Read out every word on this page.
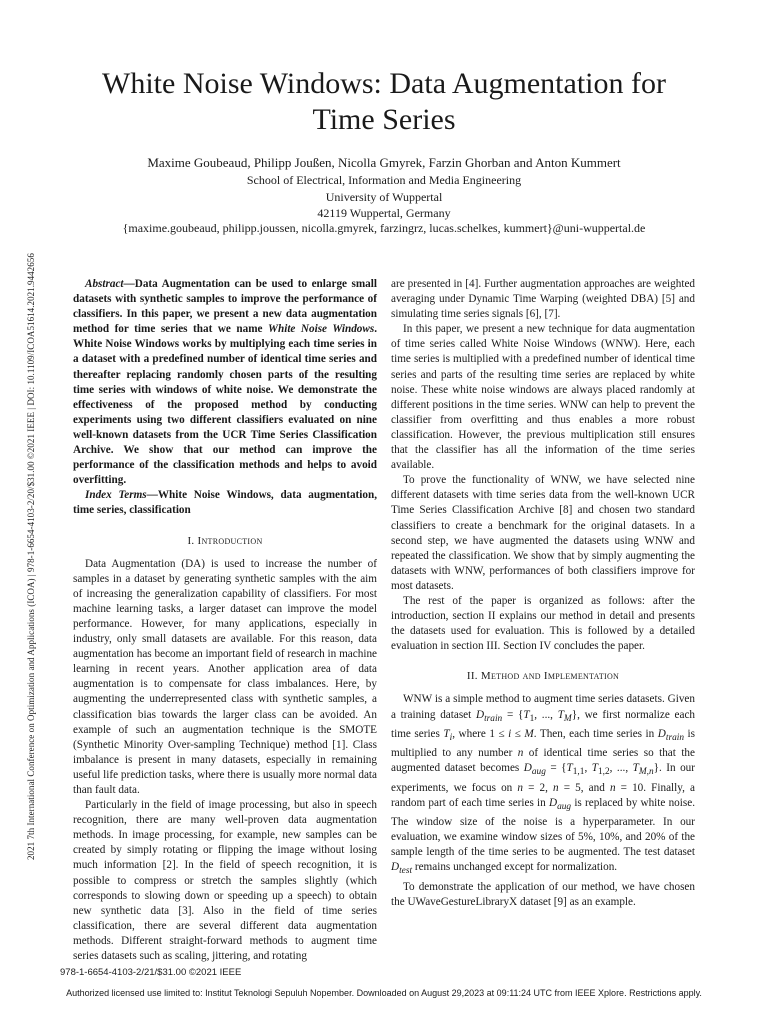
White Noise Windows: Data Augmentation for
Time Series
Maxime Goubeaud, Philipp Joußen, Nicolla Gmyrek, Farzin Ghorban and Anton Kummert
School of Electrical, Information and Media Engineering
University of Wuppertal
42119 Wuppertal, Germany
{maxime.goubeaud, philipp.joussen, nicolla.gmyrek, farzingrz, lucas.schelkes, kummert}@uni-wuppertal.de
2021 7th International Conference on Optimization and Applications (ICOA) | 978-1-6654-4103-2/20/$31.00 ©2021 IEEE | DOI: 10.1109/ICOA51614.2021.9442656	Abstract—Data Augmentation can be used to enlarge small datasets with synthetic samples to improve the performance of classifiers. In this paper, we present a new data augmentation method for time series that we name White Noise Windows. White Noise Windows works by multiplying each time series in a dataset with a predefined number of identical time series and thereafter replacing randomly chosen parts of the resulting time series with windows of white noise. We demonstrate the effectiveness of the proposed method by conducting experiments using two different classifiers evaluated on nine well-known datasets from the UCR Time Series Classification Archive. We show that our method can improve the performance of the classification methods and helps to avoid overfitting.

Index Terms—White Noise Windows, data augmentation, time series, classification

I. Introduction

Data Augmentation (DA) is used to increase the number of samples in a dataset by generating synthetic samples with the aim of increasing the generalization capability of classifiers. For most machine learning tasks, a larger dataset can improve the model performance. However, for many applications, especially in industry, only small datasets are available. For this reason, data augmentation has become an important field of research in machine learning in recent years. Another application area of data augmentation is to compensate for class imbalances. Here, by augmenting the underrepresented class with synthetic samples, a classification bias towards the larger class can be avoided. An example of such an augmentation technique is the SMOTE (Synthetic Minority Over-sampling Technique) method [1]. Class imbalance is present in many datasets, especially in remaining useful life prediction tasks, where there is usually more normal data than fault data.

Particularly in the field of image processing, but also in speech recognition, there are many well-proven data augmentation methods. In image processing, for example, new samples can be created by simply rotating or flipping the image without losing much information [2]. In the field of speech recognition, it is possible to compress or stretch the samples slightly (which corresponds to slowing down or speeding up a speech) to obtain new synthetic data [3]. Also in the field of time series classification, there are several different data augmentation methods. Different straight-forward methods to augment time series datasets such as scaling, jittering, and rotating

are presented in [4]. Further augmentation approaches are weighted averaging under Dynamic Time Warping (weighted DBA) [5] and simulating time series signals [6], [7].

In this paper, we present a new technique for data augmentation of time series called White Noise Windows (WNW). Here, each time series is multiplied with a predefined number of identical time series and parts of the resulting time series are replaced by white noise. These white noise windows are always placed randomly at different positions in the time series. WNW can help to prevent the classifier from overfitting and thus enables a more robust classification. However, the previous multiplication still ensures that the classifier has all the information of the time series available.

To prove the functionality of WNW, we have selected nine different datasets with time series data from the well-known UCR Time Series Classification Archive [8] and chosen two standard classifiers to create a benchmark for the original datasets. In a second step, we have augmented the datasets using WNW and repeated the classification. We show that by simply augmenting the datasets with WNW, performances of both classifiers improve for most datasets.

The rest of the paper is organized as follows: after the introduction, section II explains our method in detail and presents the datasets used for evaluation. This is followed by a detailed evaluation in section III. Section IV concludes the paper.

II. Method and Implementation

WNW is a simple method to augment time series datasets. Given a training dataset $D_{train} = \{T_1$, ..., $T_M$}, we first normalize each time series $T_i$, where 1 ≤ i ≤ M. Then, each time series in $D_{train}$ is multiplied to any number n of identical time series so that the augmented dataset becomes $D_{aug} = \{T_{1,1}$, $T_{1,2}$, ..., $T_{M,n}$}. In our experiments, we focus on n = 2, n = 5, and n = 10. Finally, a random part of each time series in $D_{aug}$ is replaced by white noise. The window size of the noise is a hyperparameter. In our evaluation, we examine window sizes of 5%, 10%, and 20% of the sample length of the time series to be augmented. The test dataset $D_{test}$ remains unchanged except for normalization.

To demonstrate the application of our method, we have chosen the UWaveGestureLibraryX dataset [9] as an example.

978-1-6654-4103-2/21/$31.00 ©2021 IEEE
Authorized licensed use limited to: Institut Teknologi Sepuluh Nopember. Downloaded on August 29,2023 at 09:11:24 UTC from IEEE Xplore. Restrictions apply.
